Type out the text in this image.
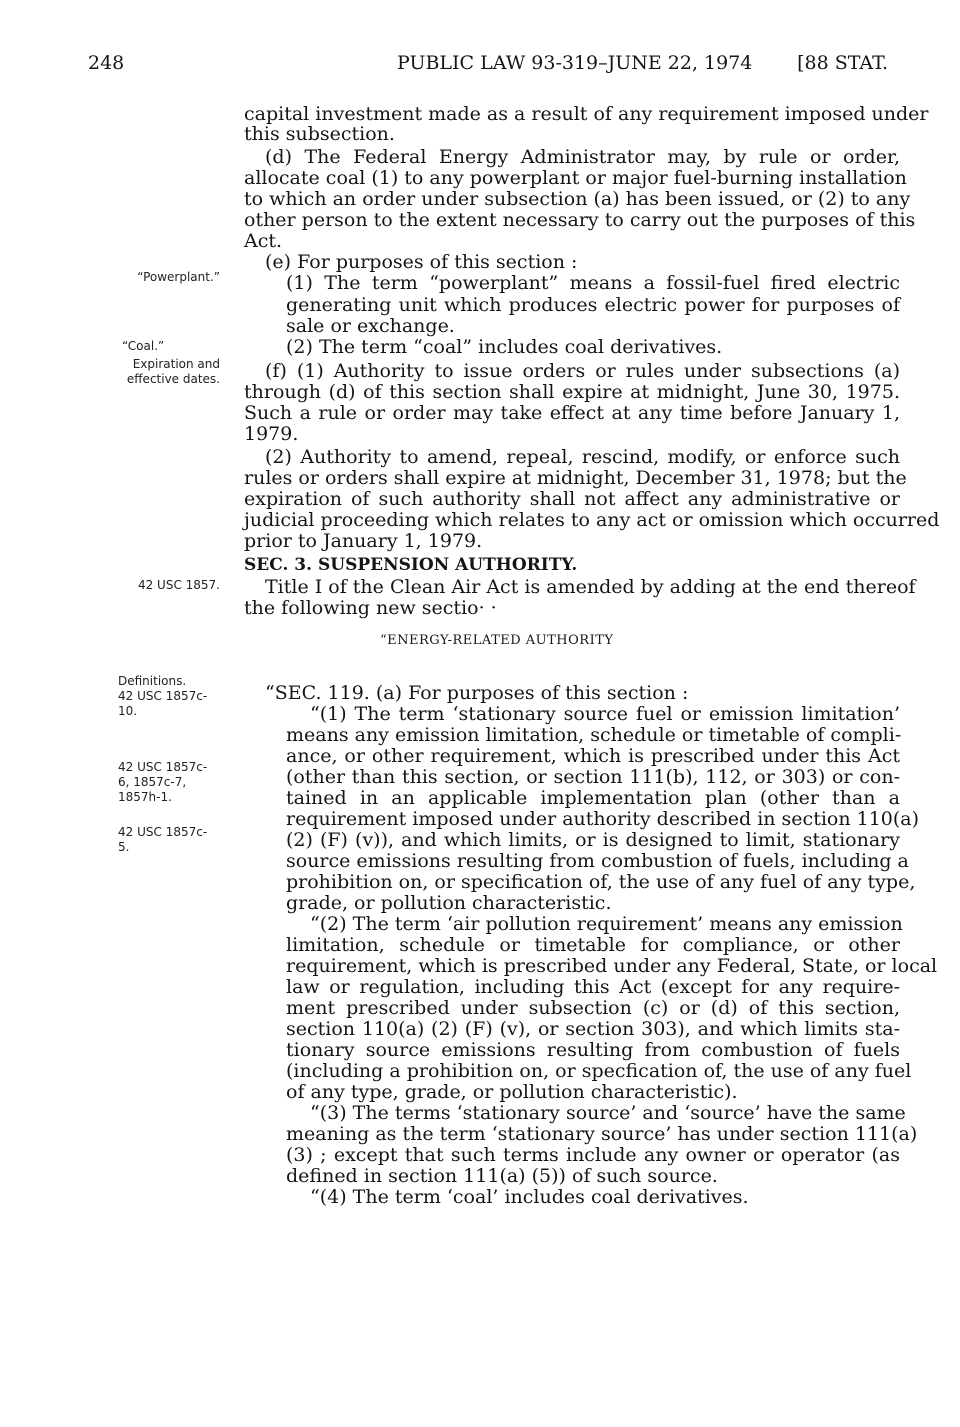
248	PUBLIC LAW 93-319–JUNE 22, 1974 [88 STAT.
capital investment made as a result of any requirement imposed under
this subsection.
(d) The Federal Energy Administrator may, by rule or order,
allocate coal (1) to any powerplant or major fuel-burning installation
to which an order under subsection (a) has been issued, or (2) to any
other person to the extent necessary to carry out the purposes of this
Act.
(e) For purposes of this section :
(1) The term “powerplant” means a fossil-fuel fired electric
generating unit which produces electric power for purposes of
sale or exchange.
(2) The term “coal” includes coal derivatives.
(f) (1) Authority to issue orders or rules under subsections (a)
through (d) of this section shall expire at midnight, June 30, 1975.
Such a rule or order may take effect at any time before January 1,
1979.
(2) Authority to amend, repeal, rescind, modify, or enforce such
rules or orders shall expire at midnight, December 31, 1978; but the
expiration of such authority shall not affect any administrative or
judicial proceeding which relates to any act or omission which occurred
prior to January 1, 1979.
SEC. 3. SUSPENSION AUTHORITY.
Title I of the Clean Air Act is amended by adding at the end thereof
the following new sectio· ·
“ENERGY-RELATED AUTHORITY
“SEC. 119. (a) For purposes of this section :
“(1) The term ‘stationary source fuel or emission limitation’
means any emission limitation, schedule or timetable of compli-
ance, or other requirement, which is prescribed under this Act
(other than this section, or section 111(b), 112, or 303) or con-
tained in an applicable implementation plan (other than a
requirement imposed under authority described in section 110(a)
(2) (F) (v)), and which limits, or is designed to limit, stationary
source emissions resulting from combustion of fuels, including a
prohibition on, or specification of, the use of any fuel of any type,
grade, or pollution characteristic.
“(2) The term ‘air pollution requirement’ means any emission
limitation, schedule or timetable for compliance, or other
requirement, which is prescribed under any Federal, State, or local
law or regulation, including this Act (except for any require-
ment prescribed under subsection (c) or (d) of this section,
section 110(a) (2) (F) (v), or section 303), and which limits sta-
tionary source emissions resulting from combustion of fuels
(including a prohibition on, or specfication of, the use of any fuel
of any type, grade, or pollution characteristic).
“(3) The terms ‘stationary source’ and ‘source’ have the same
meaning as the term ‘stationary source’ has under section 111(a)
(3) ; except that such terms include any owner or operator (as
defined in section 111(a) (5)) of such source.
“(4) The term ‘coal’ includes coal derivatives.
“Powerplant.”
“Coal.”
Expiration and
effective dates.
42 USC 1857.
Definitions.
42 USC 1857c-
10.
42 USC 1857c-
6, 1857c-7,
1857h-1.
42 USC 1857c-
5.
